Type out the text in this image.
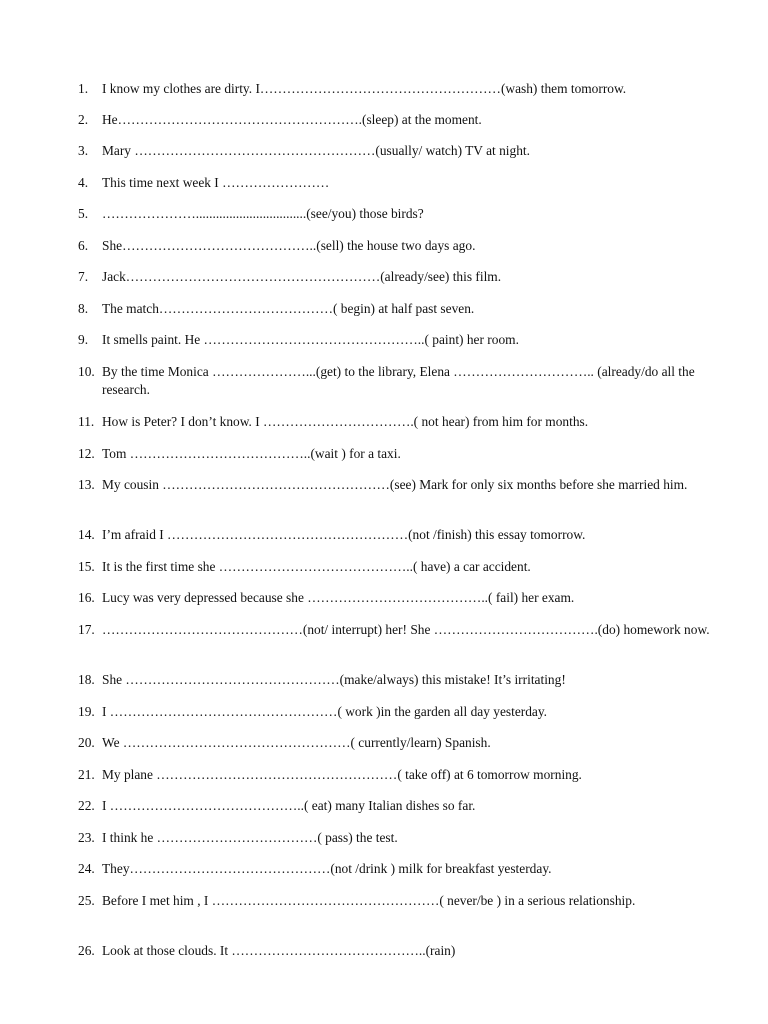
1. I know my clothes are dirty. I………………………………………………(wash) them tomorrow.
2. He……………………………………………….(sleep) at the moment.
3. Mary ………………………………………………(usually/ watch) TV at night.
4. This time next week I ……………………
5. ………………….................................(see/you) those birds?
6. She……………………………………..(sell) the house two days ago.
7. Jack…………………………………………………(already/see) this film.
8. The match…………………………………( begin) at half past seven.
9. It smells paint. He …………………………………………..( paint) her room.
10. By the time Monica …………………...(get) to the library, Elena ………………………….. (already/do all the research.
11. How is Peter? I don’t know. I …………………………….( not hear) from him for months.
12. Tom …………………………………..(wait ) for a taxi.
13. My cousin ……………………………………………(see) Mark for only six months before she married him.
14. I’m afraid I ………………………………………………(not /finish) this essay tomorrow.
15. It is the first time she ……………………………………..( have) a car accident.
16. Lucy was very depressed because she …………………………………..( fail) her exam.
17. ………………………………………(not/ interrupt) her! She ……………………………….(do) homework now.
18. She …………………………………………(make/always) this mistake! It’s irritating!
19. I ……………………………………………( work )in the garden all day yesterday.
20. We ……………………………………………( currently/learn) Spanish.
21. My plane ………………………………………………( take off) at 6 tomorrow morning.
22. I ……………………………………..( eat) many Italian dishes so far.
23. I think he ………………………………( pass) the test.
24. They………………………………………(not /drink ) milk for breakfast yesterday.
25. Before I met him , I ……………………………………………( never/be ) in a serious relationship.
26. Look at those clouds. It ……………………………………..(rain)
